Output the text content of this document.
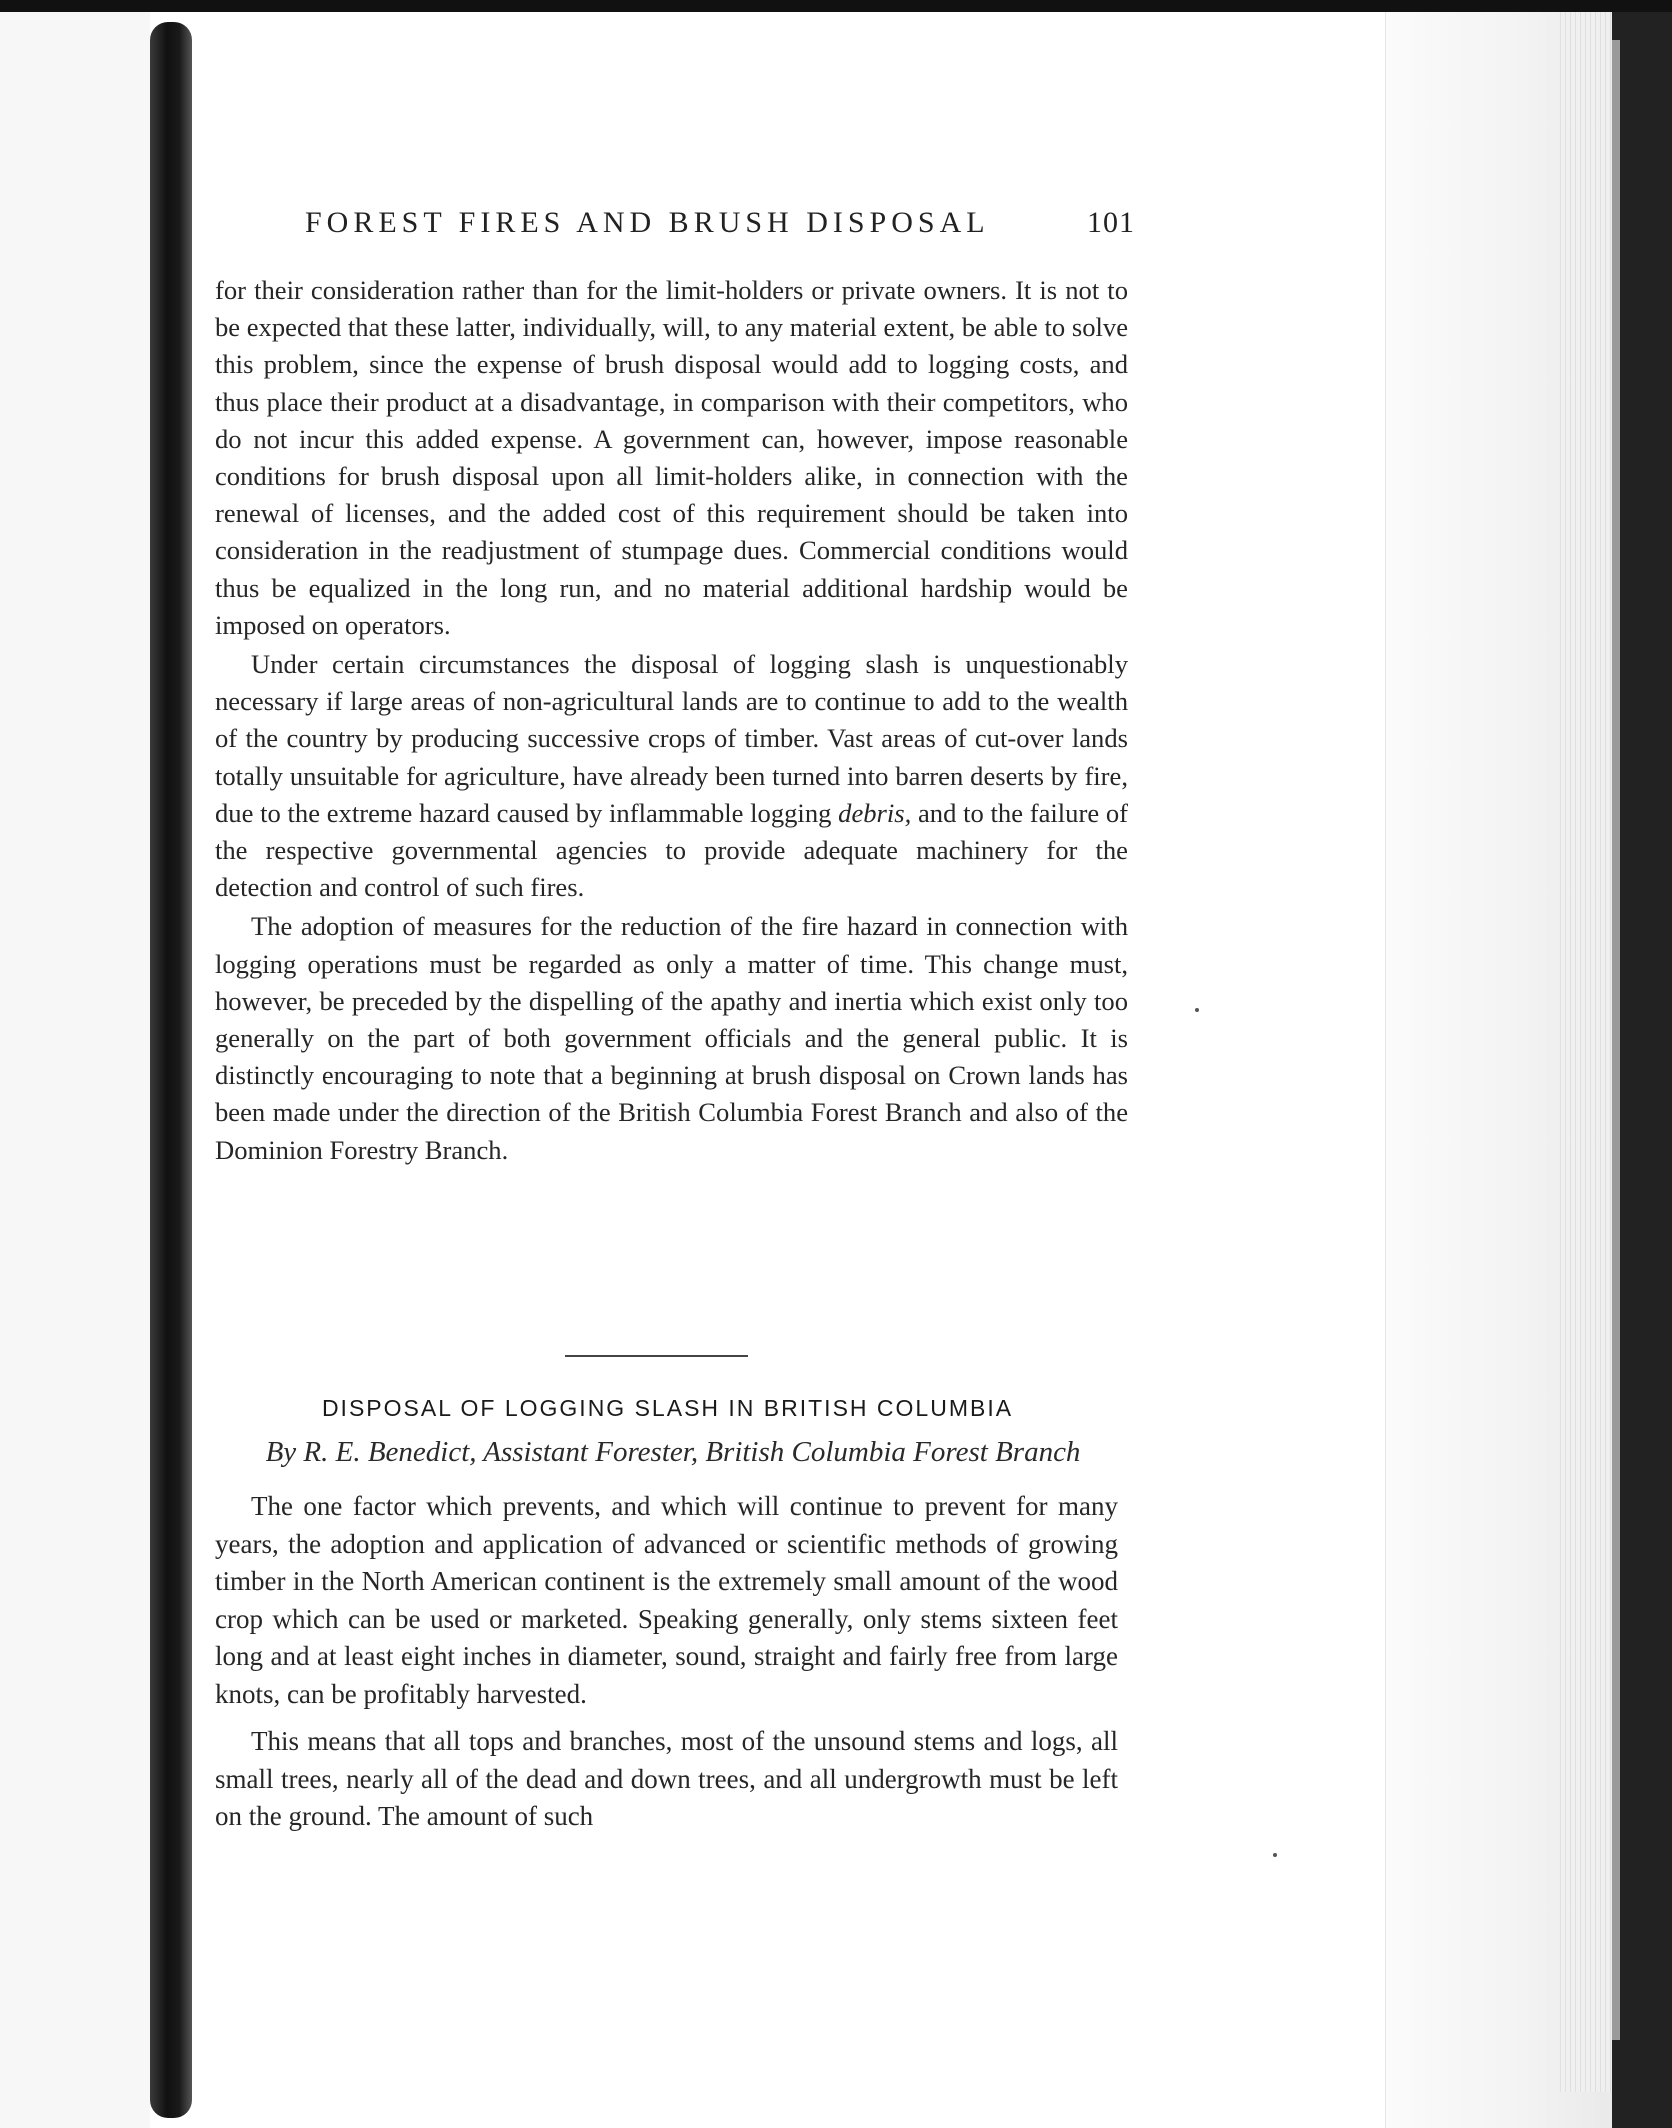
FOREST FIRES AND BRUSH DISPOSAL	101

for their consideration rather than for the limit-holders or private owners. It is not to be expected that these latter, individually, will, to any material extent, be able to solve this problem, since the expense of brush disposal would add to logging costs, and thus place their product at a disadvantage, in comparison with their competitors, who do not incur this added expense. A government can, however, impose reasonable conditions for brush disposal upon all limit-holders alike, in connection with the renewal of licenses, and the added cost of this requirement should be taken into consideration in the readjustment of stumpage dues. Commercial conditions would thus be equalized in the long run, and no material additional hardship would be imposed on operators.

Under certain circumstances the disposal of logging slash is unquestionably necessary if large areas of non-agricultural lands are to continue to add to the wealth of the country by producing successive crops of timber. Vast areas of cut-over lands totally unsuitable for agriculture, have already been turned into barren deserts by fire, due to the extreme hazard caused by inflammable logging debris, and to the failure of the respective governmental agencies to provide adequate machinery for the detection and control of such fires.

The adoption of measures for the reduction of the fire hazard in connection with logging operations must be regarded as only a matter of time. This change must, however, be preceded by the dispelling of the apathy and inertia which exist only too generally on the part of both government officials and the general public. It is distinctly encouraging to note that a beginning at brush disposal on Crown lands has been made under the direction of the British Columbia Forest Branch and also of the Dominion Forestry Branch.

DISPOSAL OF LOGGING SLASH IN BRITISH COLUMBIA
By R. E. Benedict, Assistant Forester, British Columbia Forest Branch

The one factor which prevents, and which will continue to prevent for many years, the adoption and application of advanced or scientific methods of growing timber in the North American continent is the extremely small amount of the wood crop which can be used or marketed. Speaking generally, only stems sixteen feet long and at least eight inches in diameter, sound, straight and fairly free from large knots, can be profitably harvested.

This means that all tops and branches, most of the unsound stems and logs, all small trees, nearly all of the dead and down trees, and all undergrowth must be left on the ground. The amount of such
